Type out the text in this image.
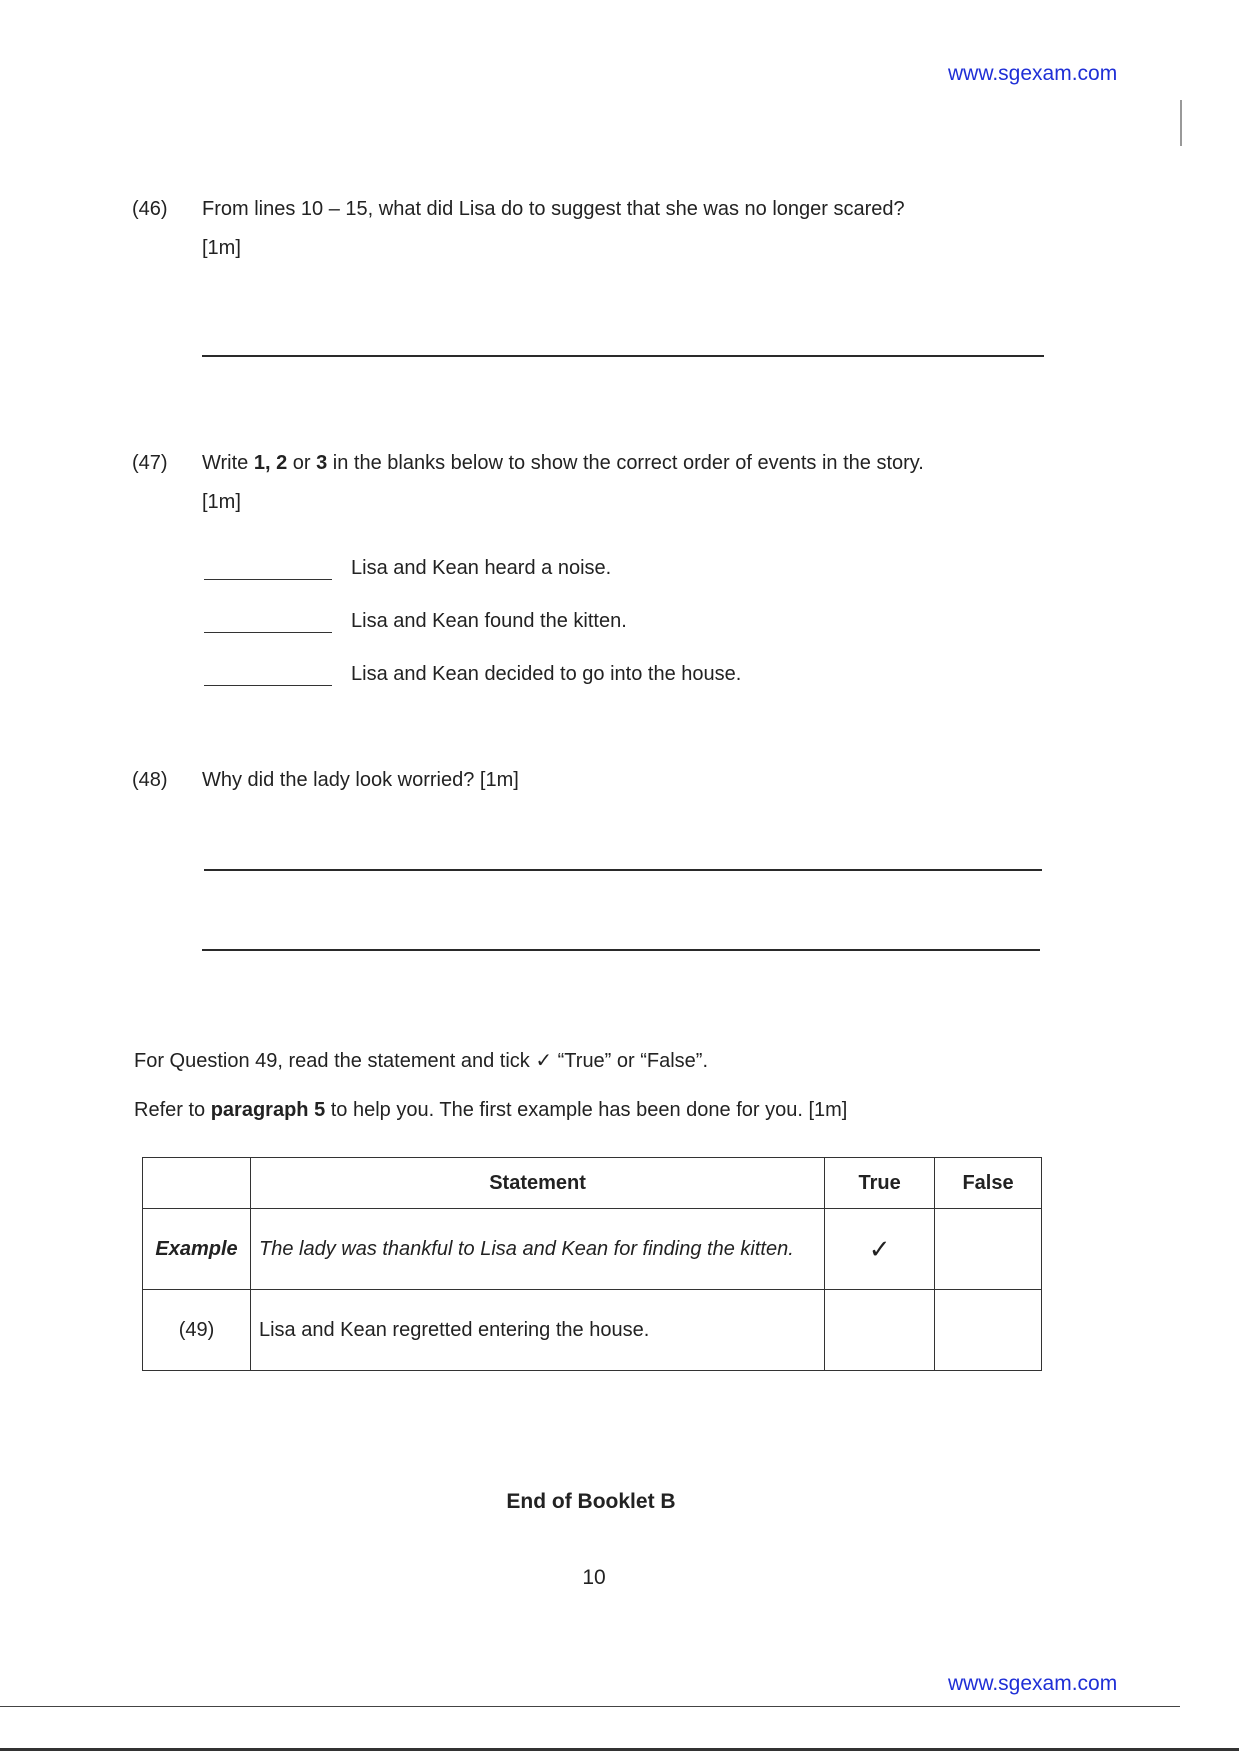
www.sgexam.com
(46) From lines 10 – 15, what did Lisa do to suggest that she was no longer scared?
[1m]
(47) Write 1, 2 or 3 in the blanks below to show the correct order of events in the story.
[1m]
Lisa and Kean heard a noise.
Lisa and Kean found the kitten.
Lisa and Kean decided to go into the house.
(48) Why did the lady look worried? [1m]
For Question 49, read the statement and tick ✓ “True” or “False”.
Refer to paragraph 5 to help you. The first example has been done for you. [1m]
	Statement	True	False
Example	The lady was thankful to Lisa and Kean for finding the kitten.	✓	
(49)	Lisa and Kean regretted entering the house.		
End of Booklet B
10
www.sgexam.com
